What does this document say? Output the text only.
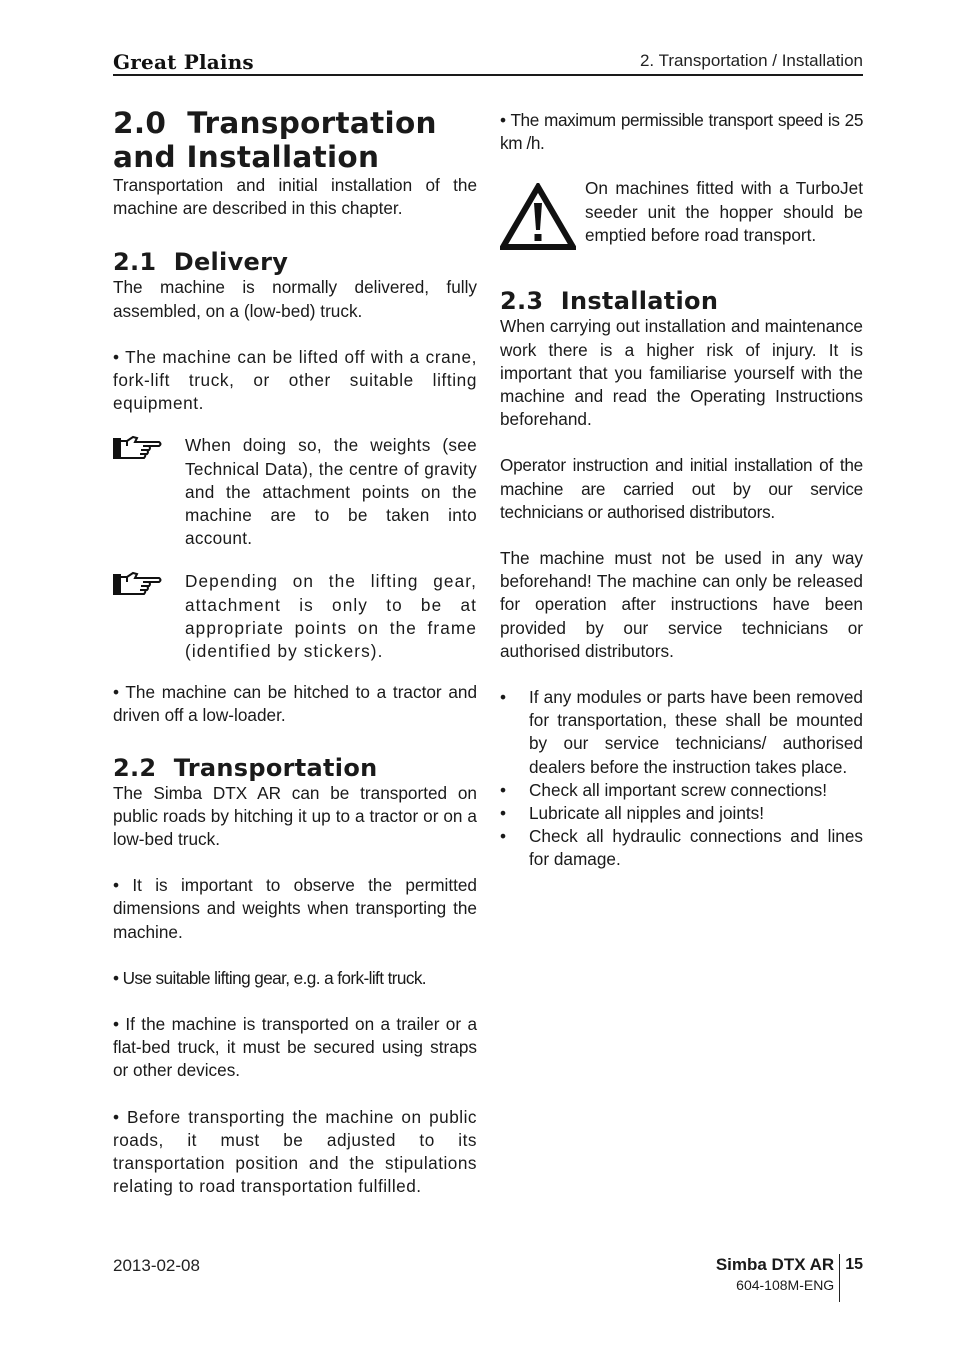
Great Plains	2. Transportation / Installation
2.0  Transportation
and Installation

Transportation and initial installation of the machine are described in this chapter.

2.1  Delivery

The machine is normally delivered, fully assembled, on a (low-bed) truck.

• The machine can be lifted off with a crane, fork-lift truck, or other suitable lifting equipment.

When doing so, the weights (see Technical Data), the centre of gravity and the attachment points on the machine are to be taken into account.

Depending on the lifting gear, attachment is only to be at appropriate points on the frame (identified by stickers).

• The machine can be hitched to a tractor and driven off a low-loader.

2.2  Transportation

The Simba DTX AR can be transported on public roads by hitching it up to a tractor or on a low-bed truck.

• It is important to observe the permitted dimensions and weights when transporting the machine.

• Use suitable lifting gear, e.g. a fork-lift truck.

• If the machine is transported on a trailer or a flat-bed truck, it must be secured using straps or other devices.

• Before transporting the machine on public roads, it must be adjusted to its transportation position and the stipulations relating to road transportation fulfilled.

• The maximum permissible transport speed is 25 km /h.

On machines fitted with a TurboJet seeder unit the hopper should be emptied before road transport.

2.3  Installation

When carrying out installation and maintenance work there is a higher risk of injury. It is important that you familiarise yourself with the machine and read the Operating Instructions beforehand.

Operator instruction and initial installation of the machine are carried out by our service technicians or authorised distributors.

The machine must not be used in any way beforehand! The machine can only be released for operation after instructions have been provided by our service technicians or authorised distributors.

• If any modules or parts have been removed for transportation, these shall be mounted by our service technicians/ authorised dealers before the instruction takes place.
• Check all important screw connections!
• Lubricate all nipples and joints!
• Check all hydraulic connections and lines for damage.
2013-02-08	Simba DTX AR
604-108M-ENG
15
